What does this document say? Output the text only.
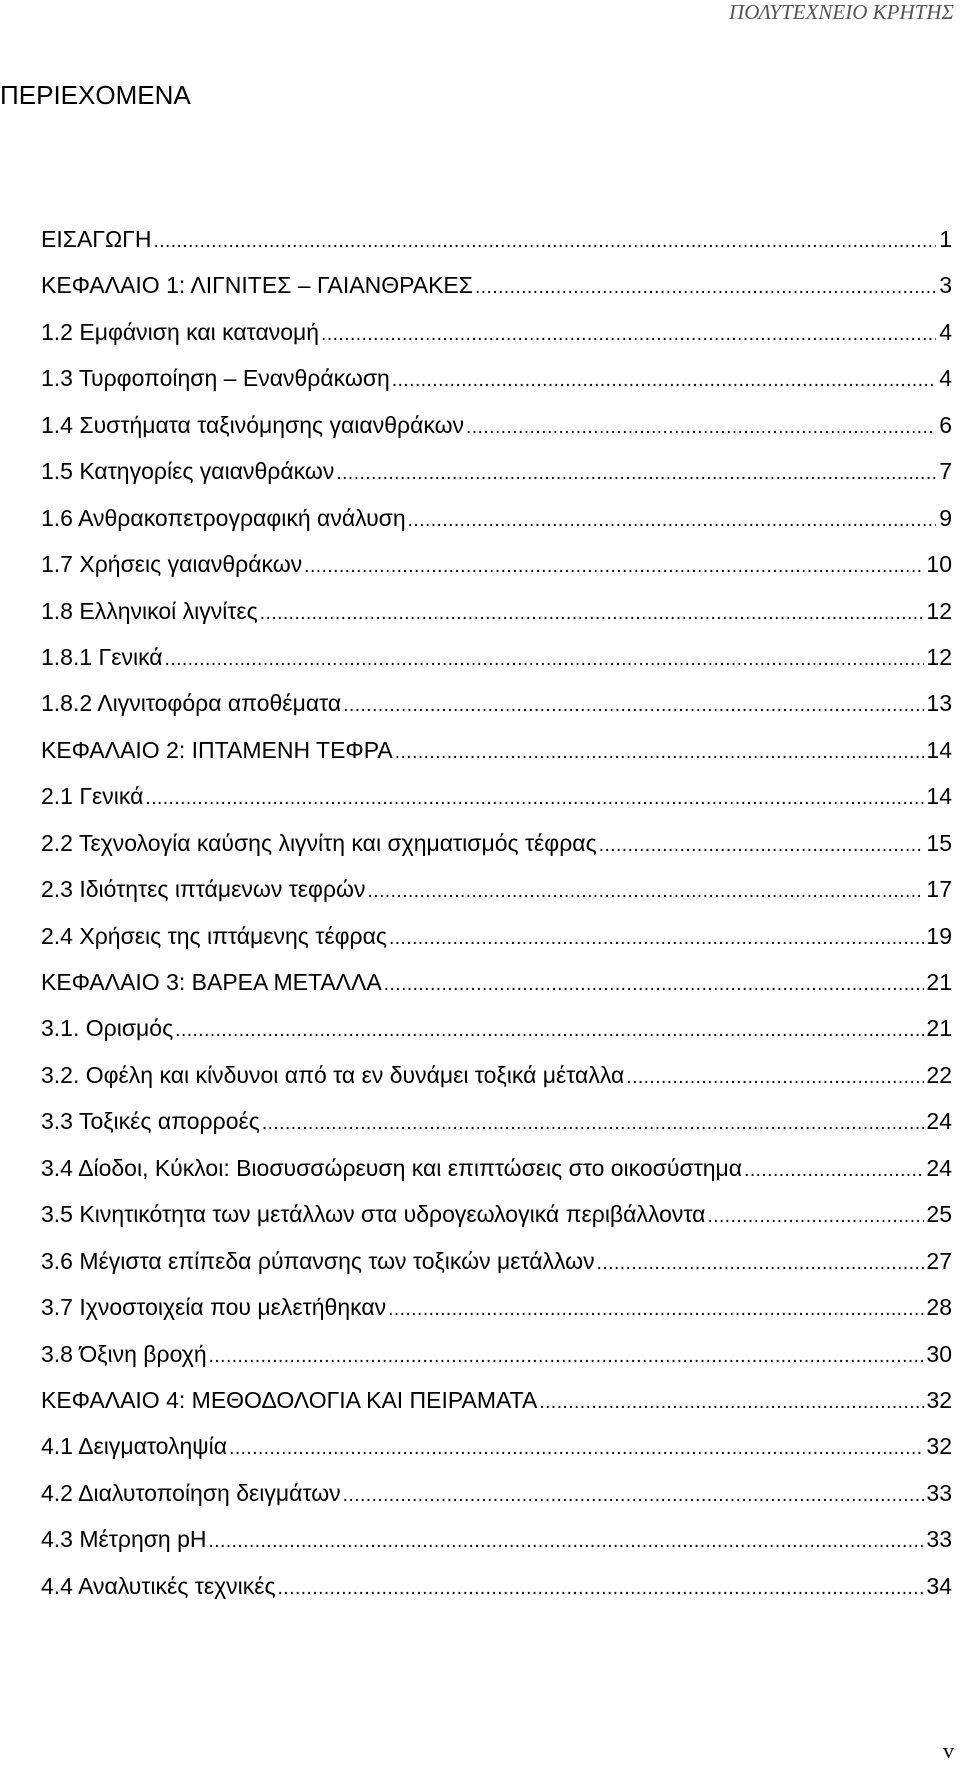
ΠΟΛΥΤΕΧΝΕΙΟ ΚΡΗΤΗΣ
ΠΕΡΙΕΧΟΜΕΝΑ
ΕΙΣΑΓΩΓΗ .....	1
ΚΕΦΑΛΑΙΟ 1: ΛΙΓΝΙΤΕΣ – ΓΑΙΑΝΘΡΑΚΕΣ .....	3
1.2 Εμφάνιση και κατανομή .....	4
1.3 Τυρφοποίηση – Ενανθράκωση .....	4
1.4 Συστήματα ταξινόμησης γαιανθράκων .....	6
1.5 Κατηγορίες γαιανθράκων .....	7
1.6 Ανθρακοπετρογραφική ανάλυση .....	9
1.7 Χρήσεις γαιανθράκων .....	10
1.8 Ελληνικοί λιγνίτες .....	12
1.8.1 Γενικά .....	12
1.8.2 Λιγνιτοφόρα αποθέματα .....	13
ΚΕΦΑΛΑΙΟ 2: ΙΠΤΑΜΕΝΗ ΤΕΦΡΑ .....	14
2.1 Γενικά .....	14
2.2 Τεχνολογία καύσης λιγνίτη και σχηματισμός τέφρας .....	15
2.3 Ιδιότητες ιπτάμενων τεφρών .....	17
2.4 Χρήσεις της ιπτάμενης τέφρας .....	19
ΚΕΦΑΛΑΙΟ 3: ΒΑΡΕΑ ΜΕΤΑΛΛΑ .....	21
3.1. Ορισμός .....	21
3.2. Οφέλη και κίνδυνοι από τα εν δυνάμει τοξικά μέταλλα .....	22
3.3 Τοξικές απορροές .....	24
3.4 Δίοδοι, Κύκλοι: Βιοσυσσώρευση και επιπτώσεις στο οικοσύστημα .....	24
3.5 Κινητικότητα των μετάλλων στα υδρογεωλογικά περιβάλλοντα .....	25
3.6 Μέγιστα επίπεδα ρύπανσης των τοξικών μετάλλων .....	27
3.7 Ιχνοστοιχεία που μελετήθηκαν .....	28
3.8 Όξινη βροχή .....	30
ΚΕΦΑΛΑΙΟ 4: ΜΕΘΟΔΟΛΟΓΙΑ ΚΑΙ ΠΕΙΡΑΜΑΤΑ .....	32
4.1 Δειγματοληψία .....	32
4.2 Διαλυτοποίηση δειγμάτων .....	33
4.3 Μέτρηση pH .....	33
4.4 Αναλυτικές τεχνικές .....	34
v
